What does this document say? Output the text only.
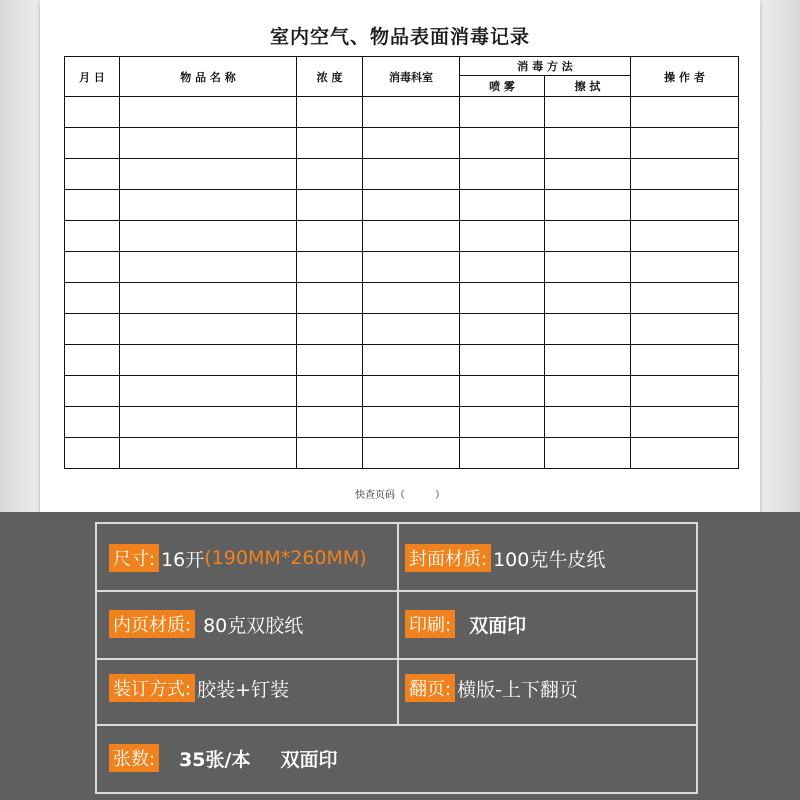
室内空气、物品表面消毒记录
月 日	物 品 名 称	浓 度	消毒科室	消 毒 方 法		操 作 者
				喷 雾	擦 拭	

快查页码（　　　）
尺寸: 16开 (190MM*260MM) 封面材质: 100克牛皮纸
内页材质: 80克双胶纸	印刷: 双面印
装订方式: 胶装+钉装	翻页: 横版-上下翻页
张数: 35张/本 双面印
